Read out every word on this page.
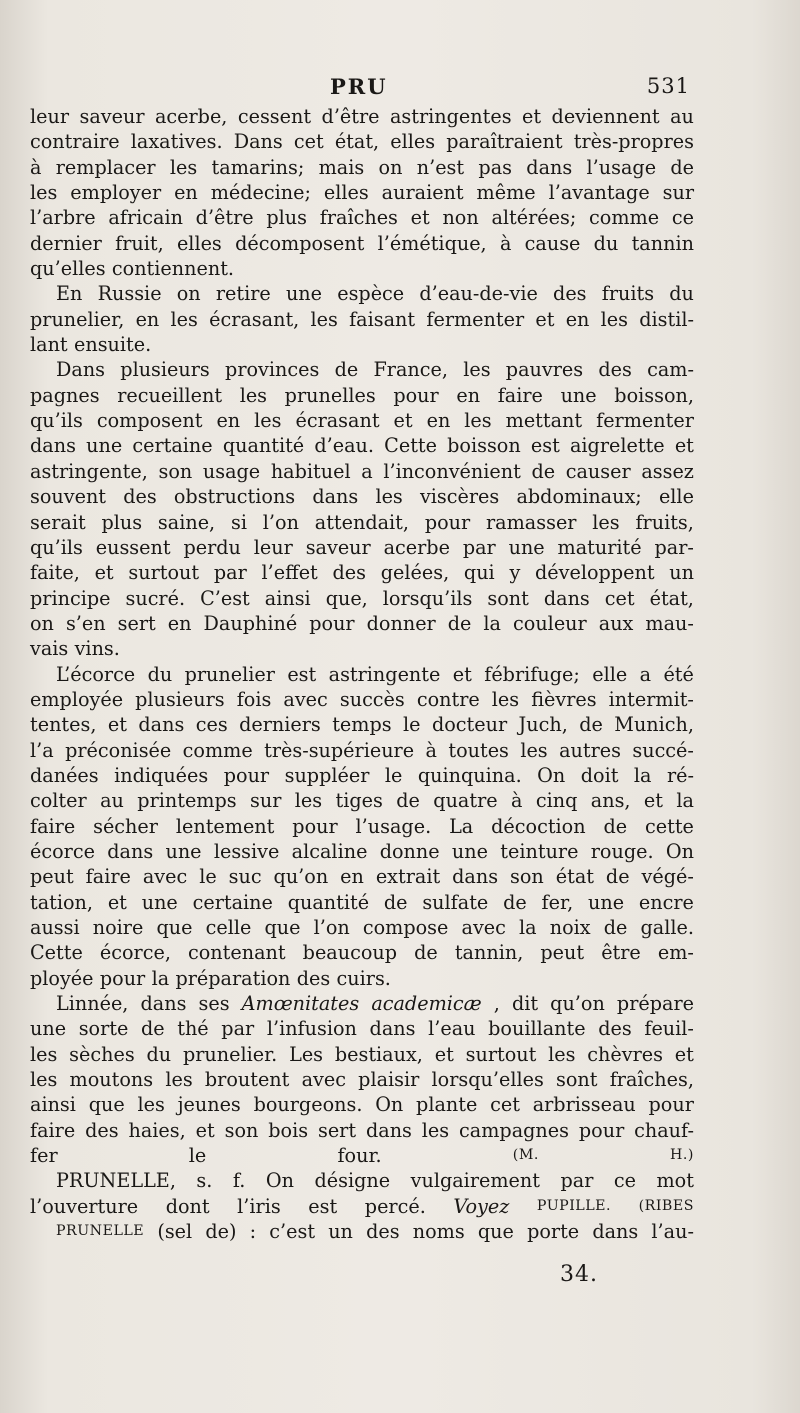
PRU	531
leur saveur acerbe, cessent d’être astringentes et deviennent au
contraire laxatives. Dans cet état, elles paraîtraient très-propres
à remplacer les tamarins; mais on n’est pas dans l’usage de
les employer en médecine; elles auraient même l’avantage sur
l’arbre africain d’être plus fraîches et non altérées; comme ce
dernier fruit, elles décomposent l’émétique, à cause du tannin
qu’elles contiennent.
En Russie on retire une espèce d’eau-de-vie des fruits du
prunelier, en les écrasant, les faisant fermenter et en les distil-
lant ensuite.
Dans plusieurs provinces de France, les pauvres des cam-
pagnes recueillent les prunelles pour en faire une boisson,
qu’ils composent en les écrasant et en les mettant fermenter
dans une certaine quantité d’eau. Cette boisson est aigrelette et
astringente, son usage habituel a l’inconvénient de causer assez
souvent des obstructions dans les viscères abdominaux; elle
serait plus saine, si l’on attendait, pour ramasser les fruits,
qu’ils eussent perdu leur saveur acerbe par une maturité par-
faite, et surtout par l’effet des gelées, qui y développent un
principe sucré. C’est ainsi que, lorsqu’ils sont dans cet état,
on s’en sert en Dauphiné pour donner de la couleur aux mau-
vais vins.
L’écorce du prunelier est astringente et fébrifuge; elle a été
employée plusieurs fois avec succès contre les fièvres intermit-
tentes, et dans ces derniers temps le docteur Juch, de Munich,
l’a préconisée comme très-supérieure à toutes les autres succé-
danées indiquées pour suppléer le quinquina. On doit la ré-
colter au printemps sur les tiges de quatre à cinq ans, et la
faire sécher lentement pour l’usage. La décoction de cette
écorce dans une lessive alcaline donne une teinture rouge. On
peut faire avec le suc qu’on en extrait dans son état de végé-
tation, et une certaine quantité de sulfate de fer, une encre
aussi noire que celle que l’on compose avec la noix de galle.
Cette écorce, contenant beaucoup de tannin, peut être em-
ployée pour la préparation des cuirs.
Linnée, dans ses Amœnitates academicæ , dit qu’on prépare
une sorte de thé par l’infusion dans l’eau bouillante des feuil-
les sèches du prunelier. Les bestiaux, et surtout les chèvres et
les moutons les broutent avec plaisir lorsqu’elles sont fraîches,
ainsi que les jeunes bourgeons. On plante cet arbrisseau pour
faire des haies, et son bois sert dans les campagnes pour chauf-
fer	le	four.	(M.	H.)
PRUNELLE, s. f. On désigne vulgairement par ce mot
l’ouverture dont l’iris est percé. Voyez PUPILLE. (RIBES
PRUNELLE (sel de) : c’est un des noms que porte dans l’au-
34.
